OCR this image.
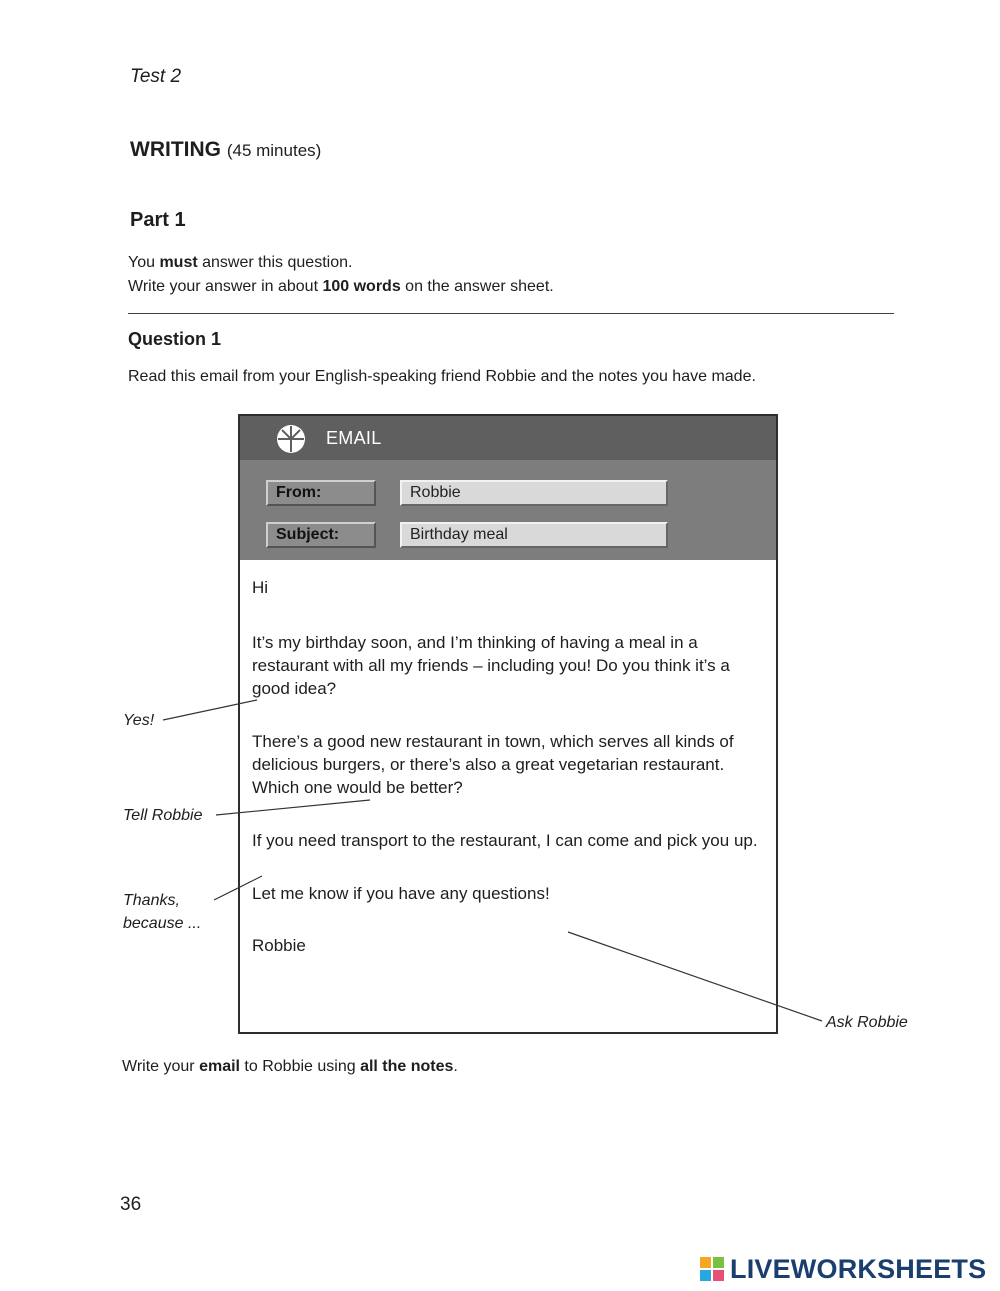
Test 2
WRITING (45 minutes)
Part 1
You must answer this question.
Write your answer in about 100 words on the answer sheet.
Question 1
Read this email from your English-speaking friend Robbie and the notes you have made.
EMAIL
From:	Robbie
Subject:	Birthday meal

Hi

It’s my birthday soon, and I’m thinking of having a meal in a restaurant with all my friends – including you! Do you think it’s a good idea?

There’s a good new restaurant in town, which serves all kinds of delicious burgers, or there’s also a great vegetarian restaurant. Which one would be better?

If you need transport to the restaurant, I can come and pick you up.

Let me know if you have any questions!

Robbie

Yes!
Tell Robbie
Thanks,
because ...
Ask Robbie
Write your email to Robbie using all the notes.
36
LIVEWORKSHEETS
